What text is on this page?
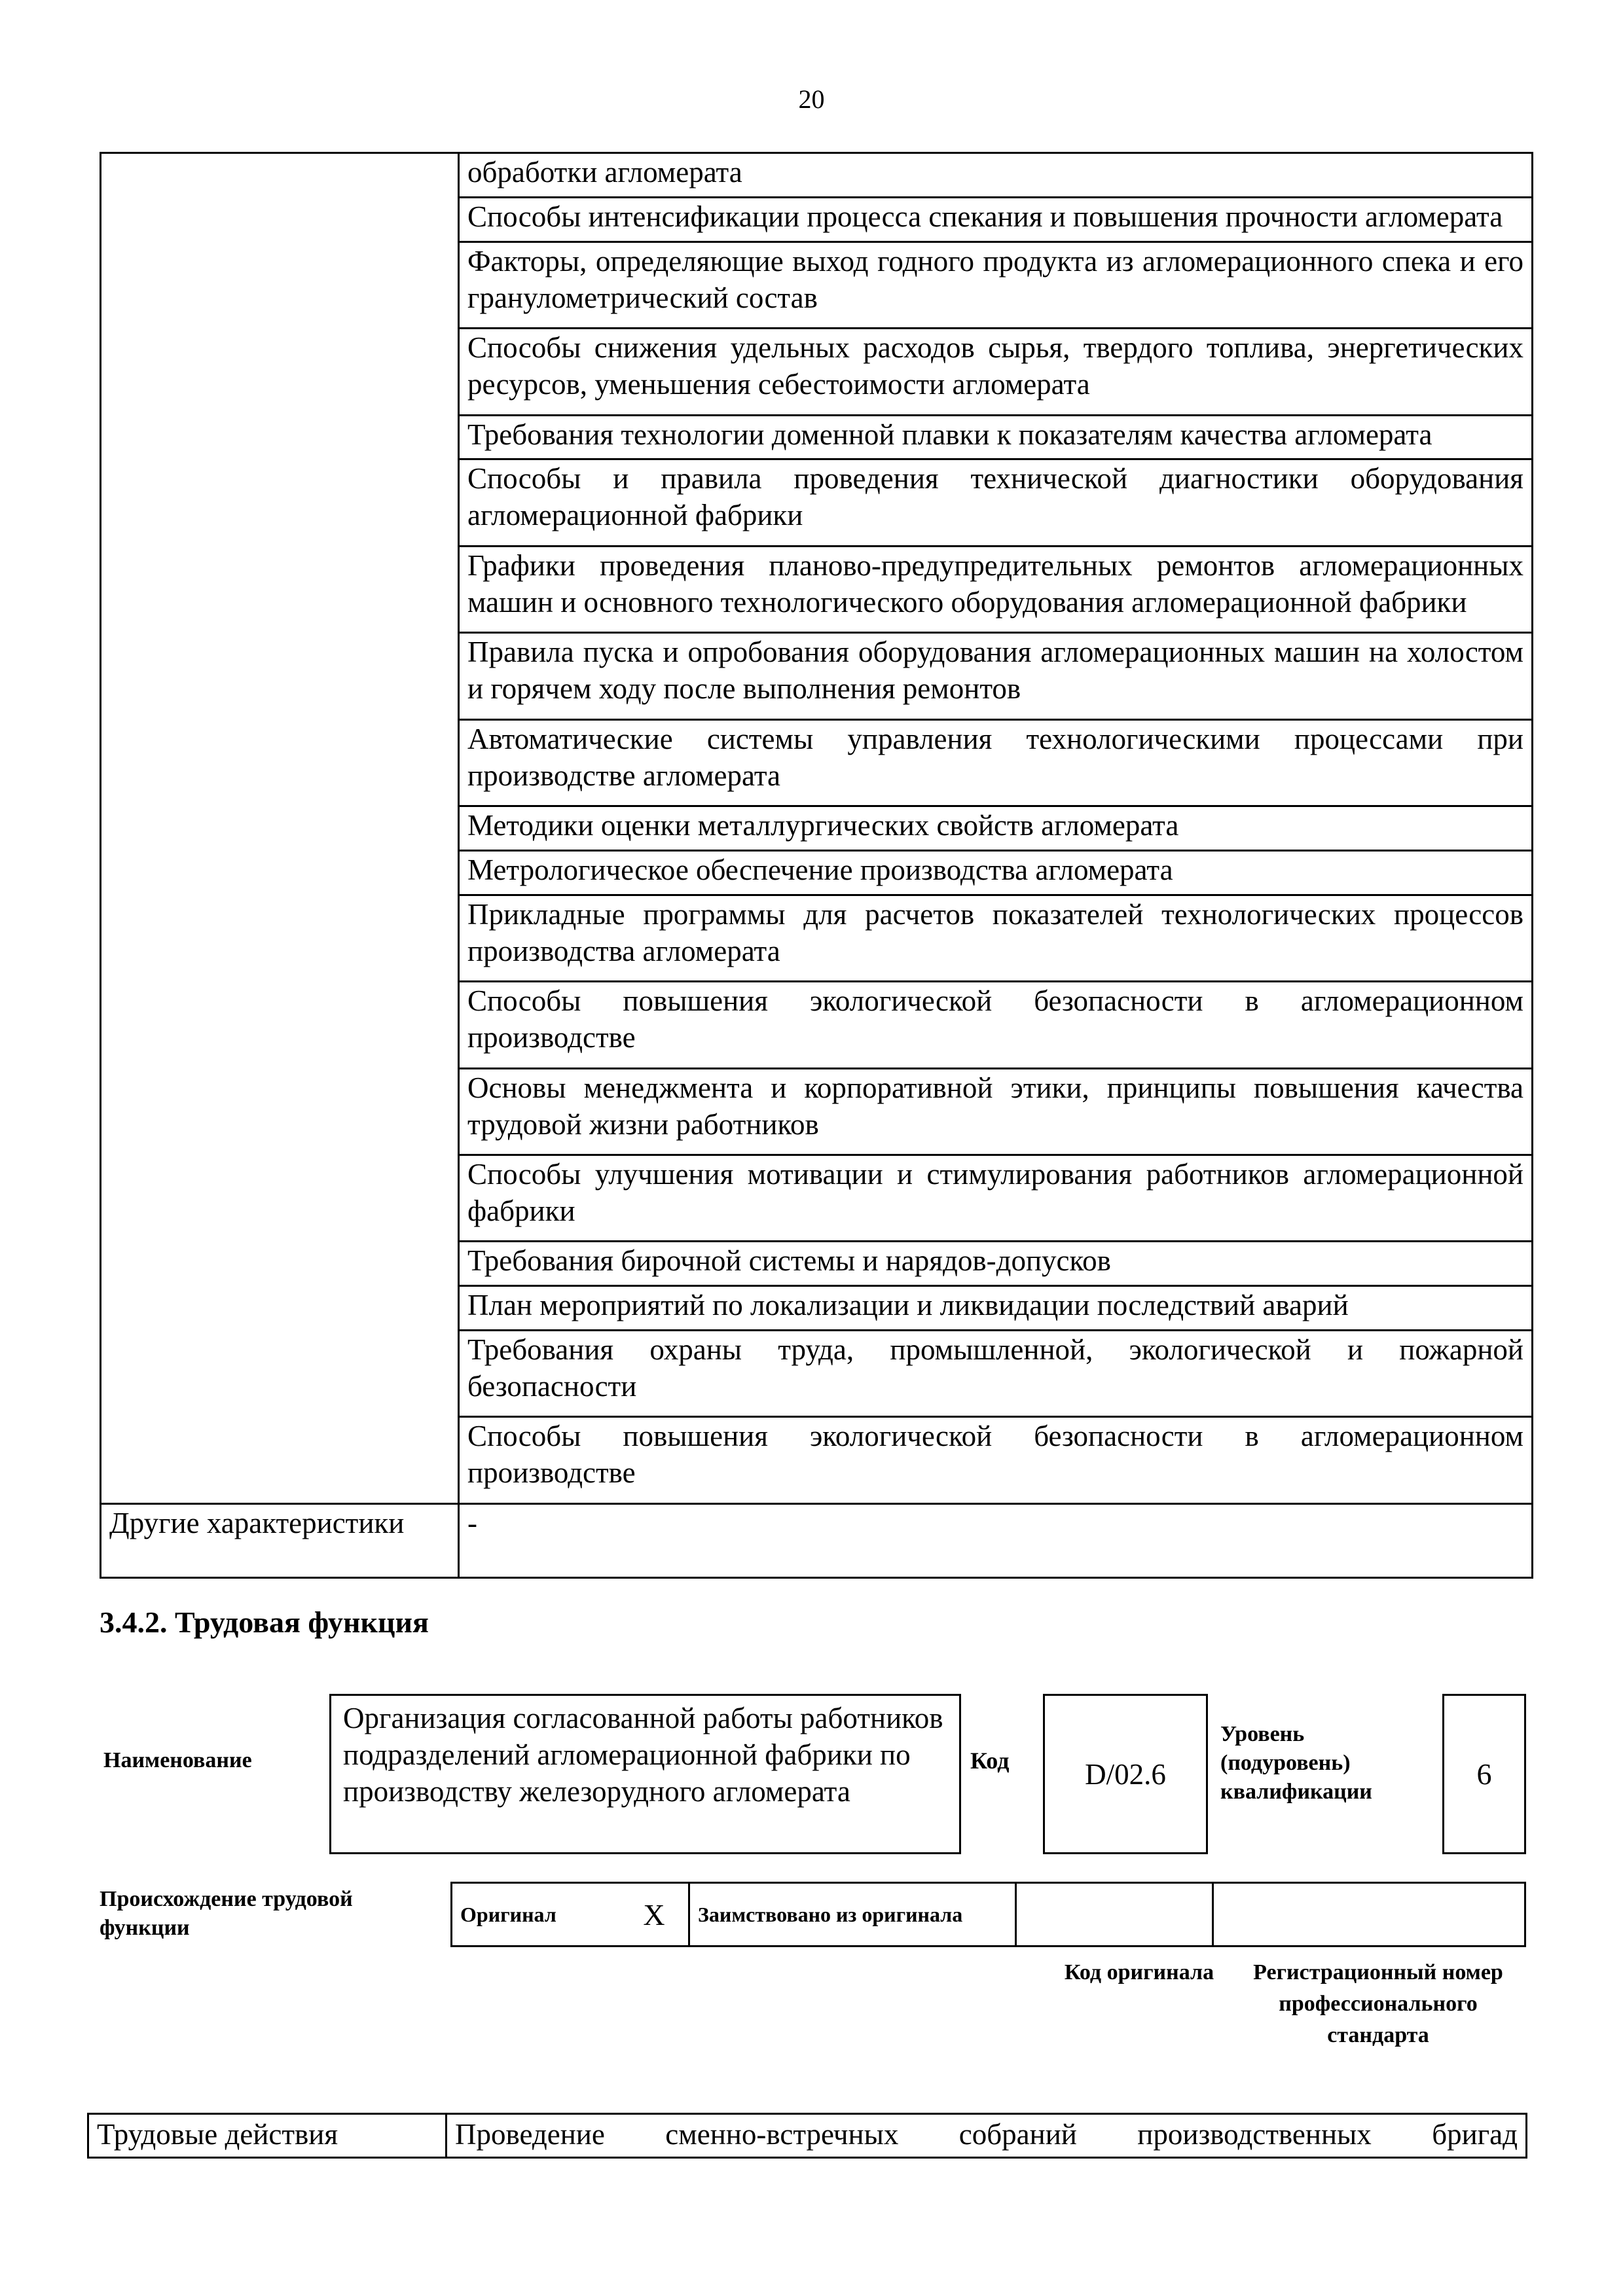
20
	обработки агломерата
	Способы интенсификации процесса спекания и повышения прочности агломерата
	Факторы, определяющие выход годного продукта из агломерационного спека и его гранулометрический состав
	Способы снижения удельных расходов сырья, твердого топлива, энергетических ресурсов, уменьшения себестоимости агломерата
	Требования технологии доменной плавки к показателям качества агломерата
	Способы и правила проведения технической диагностики оборудования агломерационной фабрики
	Графики проведения планово-предупредительных ремонтов агломерационных машин и основного технологического оборудования агломерационной фабрики
	Правила пуска и опробования оборудования агломерационных машин на холостом и горячем ходу после выполнения ремонтов
	Автоматические системы управления технологическими процессами при производстве агломерата
	Методики оценки металлургических свойств агломерата
	Метрологическое обеспечение производства агломерата
	Прикладные программы для расчетов показателей технологических процессов производства агломерата
	Способы повышения экологической безопасности в агломерационном производстве
	Основы менеджмента и корпоративной этики, принципы повышения качества трудовой жизни работников
	Способы улучшения мотивации и стимулирования работников агломерационной фабрики
	Требования бирочной системы и нарядов-допусков
	План мероприятий по локализации и ликвидации последствий аварий
	Требования охраны труда, промышленной, экологической и пожарной безопасности
	Способы повышения экологической безопасности в агломерационном производстве
Другие характеристики	-
3.4.2. Трудовая функция
Наименование
Организация согласованной работы работников подразделений агломерационной фабрики по производству железорудного агломерата
Код	D/02.6
Уровень (подуровень) квалификации
6
Происхождение трудовой функции
Оригинал	X	Заимствовано из оригинала		
Код оригинала	Регистрационный номер профессионального стандарта
Трудовые действия	Проведение сменно-встречных собраний производственных бригад
